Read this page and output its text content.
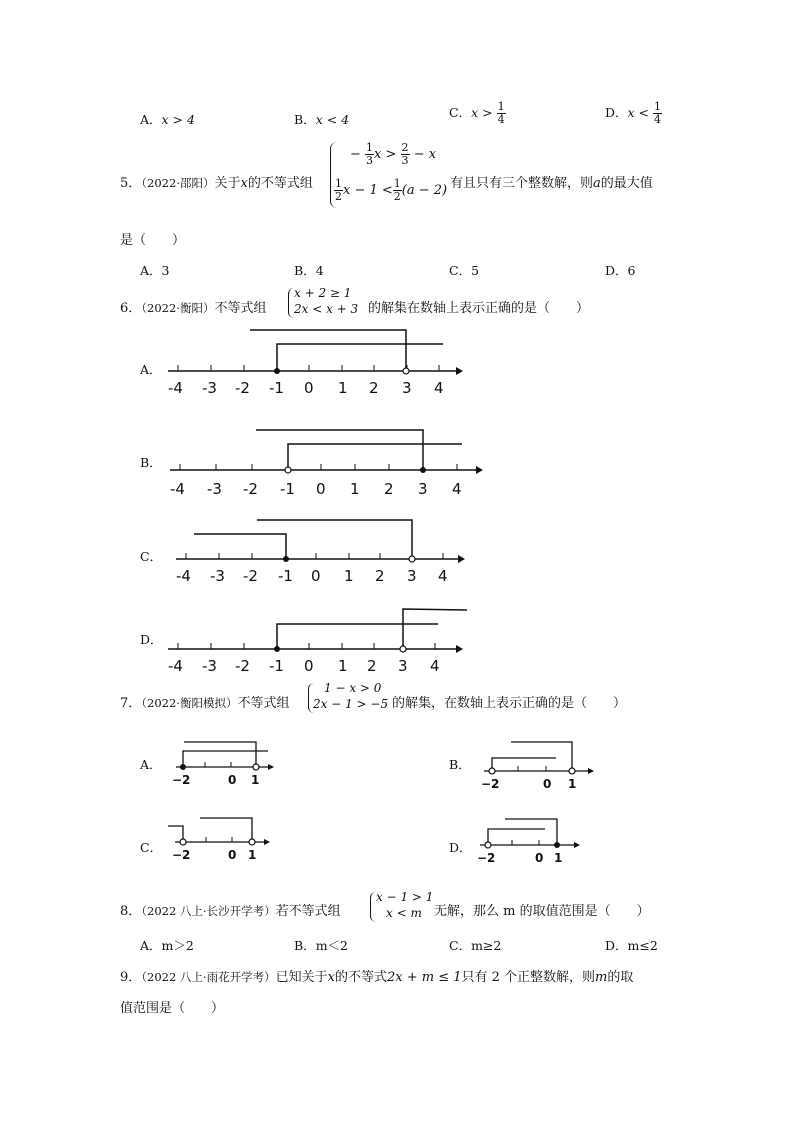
A．x > 4	B．x < 4	C．$x > \frac{1}{4}$	D．$x < \frac{1}{4}$
5．（2022·邵阳）关于x的不等式组
− $\frac{1}{3}$ $x > \frac{2}{3} - x$
$\frac{1}{2}$ $x - 1 < \frac{1}{2} (a - 2)$ 有且只有三个整数解，则a的最大值
是（　　）
A．3	B．4	C．5	D．6
6．（2022·衡阳）不等式组
x + 2 ≥ 1
2x < x + 3 的解集在数轴上表示正确的是（　　）
A．
B．
C．
D．
-4 -3 -2 -1 0 1 2 3 4
-4 -3 -2 -1 0 1 2 3 4
-4 -3 -2 -1 0 1 2 3 4
-4 -3 -2 -1 0 1 2 3 4
7．（2022·衡阳模拟）不等式组
1 − x > 0
2x − 1 > −5 的解集，在数轴上表示正确的是（　　）
A．	B．
C．	D．
−2	0 1	−2	0 1
−2	0 1	−2	0 1
8．（2022 八上·长沙开学考）若不等式组
x − 1 > 1
x < m 无解，那么 m 的取值范围是（　　）
A．m＞2	B．m＜2	C．m≥2	D．m≤2
9．（2022 八上·雨花开学考）已知关于x的不等式2x + m ≤ 1只有 2 个正整数解，则m的取
值范围是（　　）
